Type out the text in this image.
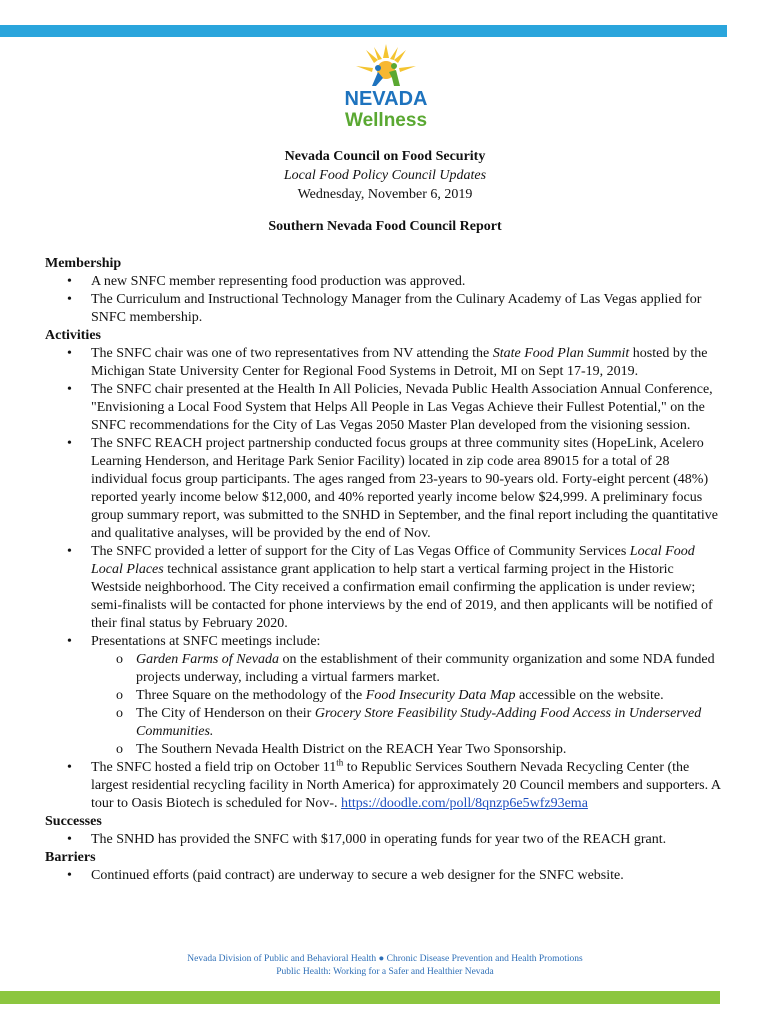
NEVADA
Wellness
Nevada Council on Food Security
Local Food Policy Council Updates
Wednesday, November 6, 2019
Southern Nevada Food Council Report
Membership
• A new SNFC member representing food production was approved.
• The Curriculum and Instructional Technology Manager from the Culinary Academy of Las Vegas applied for SNFC membership.
Activities
• The SNFC chair was one of two representatives from NV attending the State Food Plan Summit hosted by the Michigan State University Center for Regional Food Systems in Detroit, MI on Sept 17-19, 2019.
• The SNFC chair presented at the Health In All Policies, Nevada Public Health Association Annual Conference, "Envisioning a Local Food System that Helps All People in Las Vegas Achieve their Fullest Potential," on the SNFC recommendations for the City of Las Vegas 2050 Master Plan developed from the visioning session.
• The SNFC REACH project partnership conducted focus groups at three community sites (HopeLink, Acelero Learning Henderson, and Heritage Park Senior Facility) located in zip code area 89015 for a total of 28 individual focus group participants. The ages ranged from 23-years to 90-years old. Forty-eight percent (48%) reported yearly income below $12,000, and 40% reported yearly income below $24,999. A preliminary focus group summary report, was submitted to the SNHD in September, and the final report including the quantitative and qualitative analyses, will be provided by the end of Nov.
• The SNFC provided a letter of support for the City of Las Vegas Office of Community Services Local Food Local Places technical assistance grant application to help start a vertical farming project in the Historic Westside neighborhood. The City received a confirmation email confirming the application is under review; semi-finalists will be contacted for phone interviews by the end of 2019, and then applicants will be notified of their final status by February 2020.
• Presentations at SNFC meetings include:
o Garden Farms of Nevada on the establishment of their community organization and some NDA funded projects underway, including a virtual farmers market.
o Three Square on the methodology of the Food Insecurity Data Map accessible on the website.
o The City of Henderson on their Grocery Store Feasibility Study-Adding Food Access in Underserved Communities.
o The Southern Nevada Health District on the REACH Year Two Sponsorship.
• The SNFC hosted a field trip on October 11th to Republic Services Southern Nevada Recycling Center (the largest residential recycling facility in North America) for approximately 20 Council members and supporters. A tour to Oasis Biotech is scheduled for Nov-. https://doodle.com/poll/8qnzp6e5wfz93ema
Successes
• The SNHD has provided the SNFC with $17,000 in operating funds for year two of the REACH grant.
Barriers
• Continued efforts (paid contract) are underway to secure a web designer for the SNFC website.
Nevada Division of Public and Behavioral Health ● Chronic Disease Prevention and Health Promotions
Public Health: Working for a Safer and Healthier Nevada
